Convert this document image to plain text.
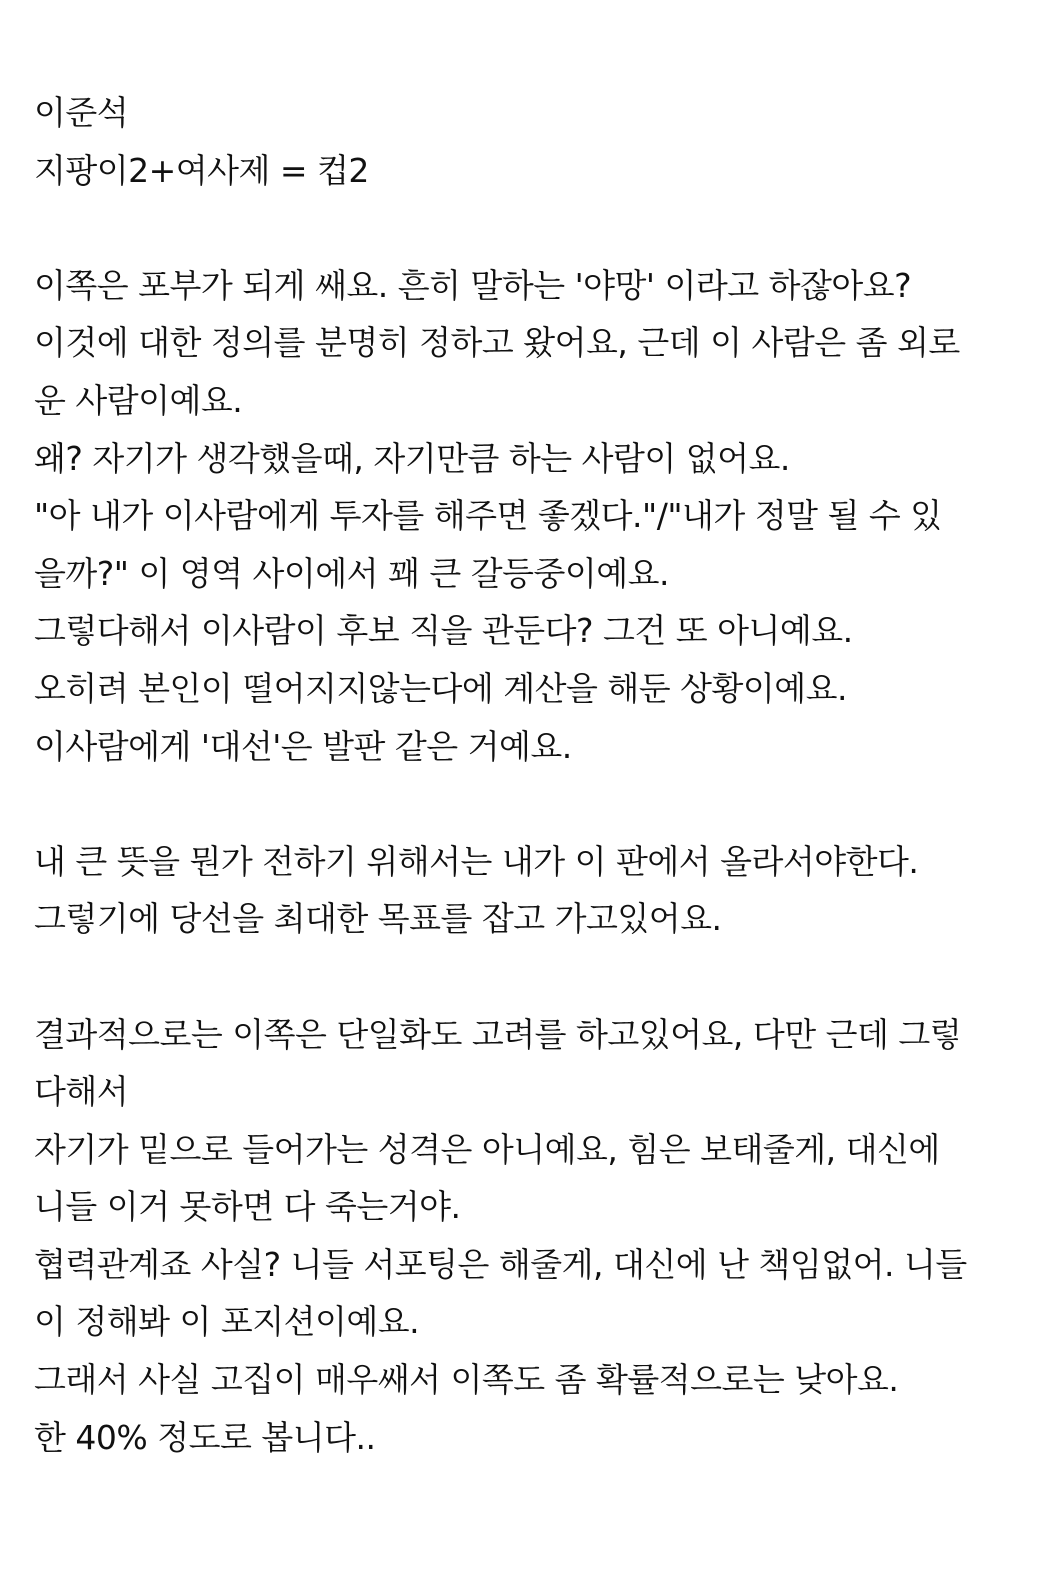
이준석
지팡이2+여사제 = 컵2
이쪽은 포부가 되게 쌔요. 흔히 말하는 '야망' 이라고 하잖아요?
이것에 대한 정의를 분명히 정하고 왔어요, 근데 이 사람은 좀 외로
운 사람이예요.
왜? 자기가 생각했을때, 자기만큼 하는 사람이 없어요.
"아 내가 이사람에게 투자를 해주면 좋겠다."/"내가 정말 될 수 있
을까?" 이 영역 사이에서 꽤 큰 갈등중이예요.
그렇다해서 이사람이 후보 직을 관둔다? 그건 또 아니예요.
오히려 본인이 떨어지지않는다에 계산을 해둔 상황이예요.
이사람에게 '대선'은 발판 같은 거예요.
내 큰 뜻을 뭔가 전하기 위해서는 내가 이 판에서 올라서야한다.
그렇기에 당선을 최대한 목표를 잡고 가고있어요.
결과적으로는 이쪽은 단일화도 고려를 하고있어요, 다만 근데 그렇
다해서
자기가 밑으로 들어가는 성격은 아니예요, 힘은 보태줄게, 대신에
니들 이거 못하면 다 죽는거야.
협력관계죠 사실? 니들 서포팅은 해줄게, 대신에 난 책임없어. 니들
이 정해봐 이 포지션이예요.
그래서 사실 고집이 매우쌔서 이쪽도 좀 확률적으로는 낮아요.
한 40% 정도로 봅니다..
